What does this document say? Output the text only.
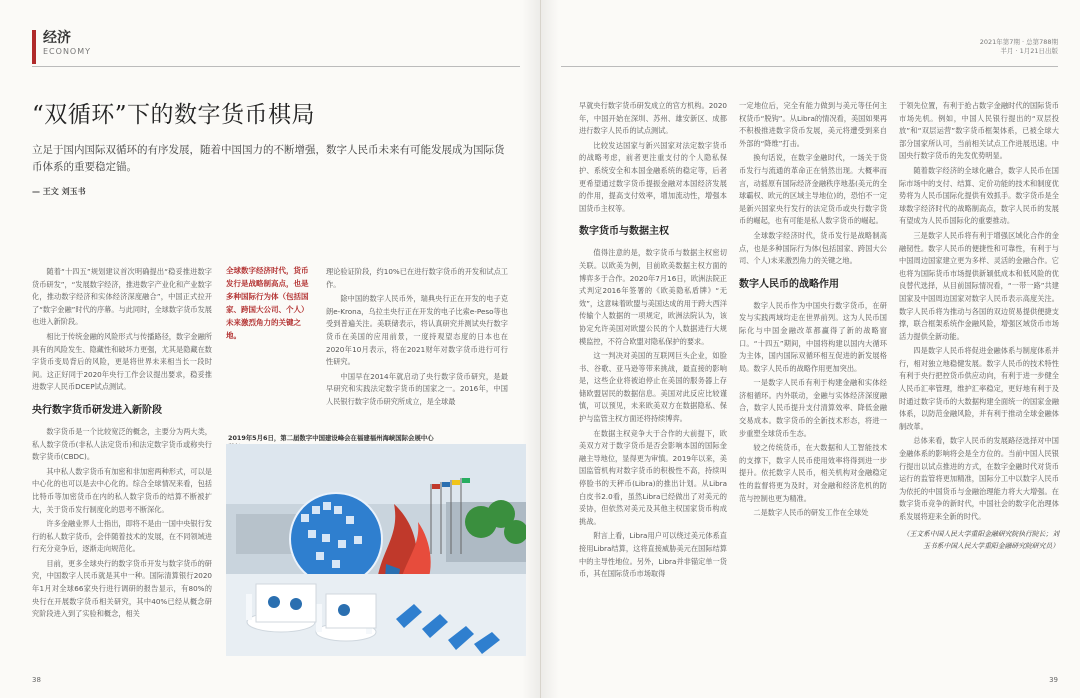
经济
ECONOMY
“双循环”下的数字货币棋局
立足于国内国际双循环的有序发展，随着中国国力的不断增强，数字人民币未来有可能发展成为国际货币体系的重要稳定锚。
— 王文 刘玉书

随着“十四五”规划建议首次明确提出“稳妥推进数字货币研发”，“发展数字经济，推进数字产业化和产业数字化，推动数字经济和实体经济深度融合”，中国正式拉开了“数字金融”时代的序幕。与此同时，全球数字货币发展也进入新阶段。

相比于传统金融的风险形式与传播路径，数字金融所具有的风险发生、隐藏性和破坏力更强，尤其是隐藏在数字货币变局背后的风险，更是将世界未来相当长一段时间。这正好同于2020年央行工作会议提出要求，稳妥推进数字人民币DCEP试点测试。

央行数字货币研发进入新阶段

数字货币是一个比较宽泛的概念，主要分为两大类，私人数字货币(非私人法定货币)和法定数字货币或称央行数字货币(CBDC)。

其中私人数字货币有加密和非加密两种形式，可以是中心化的也可以是去中心化的。综合全球情况来看，包括比特币等加密货币在内的私人数字货币的结算不断被扩大，关于货币发行制度化的思考不断深化。

许多金融业界人士指出，即将不是由一国中央银行发行的私人数字货币，会伴随着技术的发展，在不同领域进行充分竞争后，逐渐走向规范化。

目前，更多全球央行的数字货币开发与数字货币的研究，中国数字人民币就是其中一种。国际清算银行2020年1月对全球66家央行进行调研的报告显示，有80%的央行在开展数字货币相关研究，其中40%已经从概念研究阶段进入到了实验和概念，相关

全球数字经济时代，货币发行是战略制高点，也是多种国际行为体（包括国家、跨国大公司、个人）未来激烈角力的关键之地。

理论验证阶段，约10%已在进行数字货币的开发和试点工作。

除中国的数字人民币外，瑞典央行正在开发的电子克朗e-Krona，乌拉圭央行正在开发的电子比索e-Peso等也受到普遍关注。美联储表示，将认真研究并测试央行数字货币在美国的应用前景，一度持观望态度的日本也在2020年10月表示，将在2021财年对数字货币进行可行性研究。

中国早在2014年就启动了央行数字货币研究，是最早研究和实践法定数字货币的国家之一。2016年，中国人民银行数字货币研究所成立，是全球最

2019年5月6日，第二届数字中国建设峰会在福建福州海峡国际会展中心
38
2021年第7期 · 总第788期
半月 · 1月21日出版

早就央行数字货币研发成立的官方机构。2020年，中国开始在深圳、苏州、雄安新区、成都进行数字人民币的试点测试。

比较发达国家与新兴国家对法定数字货币的战略考虑，前者更注重支付的个人隐私保护、系统安全和本国金融系统的稳定等，后者更希望通过数字货币提振金融对本国经济发展的作用，提高支付效率，增加流动性，增强本国货币主权等。

数字货币与数据主权

值得注意的是，数字货币与数据主权密切关联。以欧美为例，目前欧美数据主权方面的博弈多于合作。2020年7月16日，欧洲法院正式判定2016年签署的《欧美隐私盾牌》“无效”，这意味着欧盟与美国达成的用于跨大西洋传输个人数据的一项规定，欧洲法院认为，该协定允许美国对欧盟公民的个人数据进行大规模监控，不符合欧盟对隐私保护的要求。

这一判决对美国的互联网巨头企业，如脸书、谷歌、亚马逊等带来挑战，最直接的影响是，这些企业将被迫停止在美国的服务器上存储欧盟居民的数据信息。美国对此反应比较谨慎，可以预见，未来欧美双方在数据隐私、保护与监管主权方面还将持续博弈。

在数据主权竞争大于合作的大前提下，欧美双方对于数字货币是否会影响本国的国际金融主导地位，显得更为审慎。2019年以来，美国监管机构对数字货币的积极性不高，持续叫停脸书的天秤币(Libra)的推出计划。从Libra白皮书2.0看，虽然Libra已经做出了对美元的妥协，但依然对美元及其他主权国家货币构成挑战。

附言上看，Libra用户可以绕过美元体系直接用Libra结算，这将直接威胁美元在国际结算中的主导性地位。另外，Libra并非锚定单一货币，其在国际货币市场取得

一定地位后，完全有能力做到与美元等任何主权货币“脱钩”。从Libra的情况看，美国如果再不积极推进数字货币发展，美元将遭受到来自外部的“降维”打击。

换句话说，在数字金融时代，一场关于货币发行与流通的革命正在悄然出现。大概率而言，动摇原有国际经济金融秩序地基(美元的全球霸权、欧元的区域主导地位)的，恐怕不一定是新兴国家央行发行的法定货币或央行数字货币的崛起，也有可能是私人数字货币的崛起。

全球数字经济时代，货币发行是战略制高点，也是多种国际行为体(包括国家、跨国大公司、个人)未来激烈角力的关键之地。

数字人民币的战略作用

数字人民币作为中国央行数字货币，在研发与实践两域均走在世界前列。这为人民币国际化与中国金融改革都赢得了新的战略窗口。“十四五”期间，中国将构建以国内大循环为主体，国内国际双循环相互促进的新发展格局。数字人民币的战略作用更加突出。

一是数字人民币有利于构建金融和实体经济相循环。内外联动，金融与实体经济深度融合，数字人民币提升支付清算效率、降低金融交易成本。数字货币的全新技术形态，将进一步重塑全球货币生态。

较之传统货币，在大数据和人工智能技术的支撑下，数字人民币使用效率将得到进一步提升。依托数字人民币，相关机构对金融稳定性的监督将更为及时，对金融和经济危机的防范与控制也更为精准。

二是数字人民币的研发工作在全球处

于领先位置，有利于抢占数字金融时代的国际货币市场先机。例如，中国人民银行提出的“双层投放”和“双层运营”数字货币框架体系，已被全球大部分国家所认可，当前相关试点工作进展迅速。中国央行数字货币的先发优势明显。

随着数字经济的全球化融合，数字人民币在国际市场中的支付、结算、定价功能的技术和制度优势将为人民币国际化提供有效抓手。数字货币是全球数字经济时代的战略制高点，数字人民币的发展有望成为人民币国际化的重要推动。

三是数字人民币将有利于增强区域化合作的金融韧性。数字人民币的便捷性和可靠性，有利于与中国周边国家建立更为多样、灵活的金融合作。它也将为国际货币市场提供新颖低成本和低风险的优良替代选择，从目前国际情况看，“一带一路”共建国家及中国周边国家对数字人民币表示高度关注。数字人民币将为推动与各国的双边贸易提供便捷支撑，联合框架系统作金融风险，增强区域货币市场活力提供全新动能。

四是数字人民币将促进金融体系与制度体系并行，相对独立地稳健发展。数字人民币的技术特性有利于央行把控货币供应动向，有利于进一步健全人民币汇率管理，维护汇率稳定，更好地有利于及时通过数字货币的大数据构建全面统一的国家金融体系，以防范金融风险，并有利于推动全球金融体制改革。

总体来看，数字人民币的发展路径选择对中国金融体系的影响将会是全方位的。当前中国人民银行提出以试点推进的方式，在数字金融时代对货币运行的监管将更加精准，国际分工中以数字人民币为依托的中国货币与金融治理能力将大大增强。在数字货币竞争的新时代，中国社会的数字化治理体系发展将迎来全新的时代。

（王文系中国人民大学重阳金融研究院执行院长；刘玉书系中国人民大学重阳金融研究院研究员）
39
